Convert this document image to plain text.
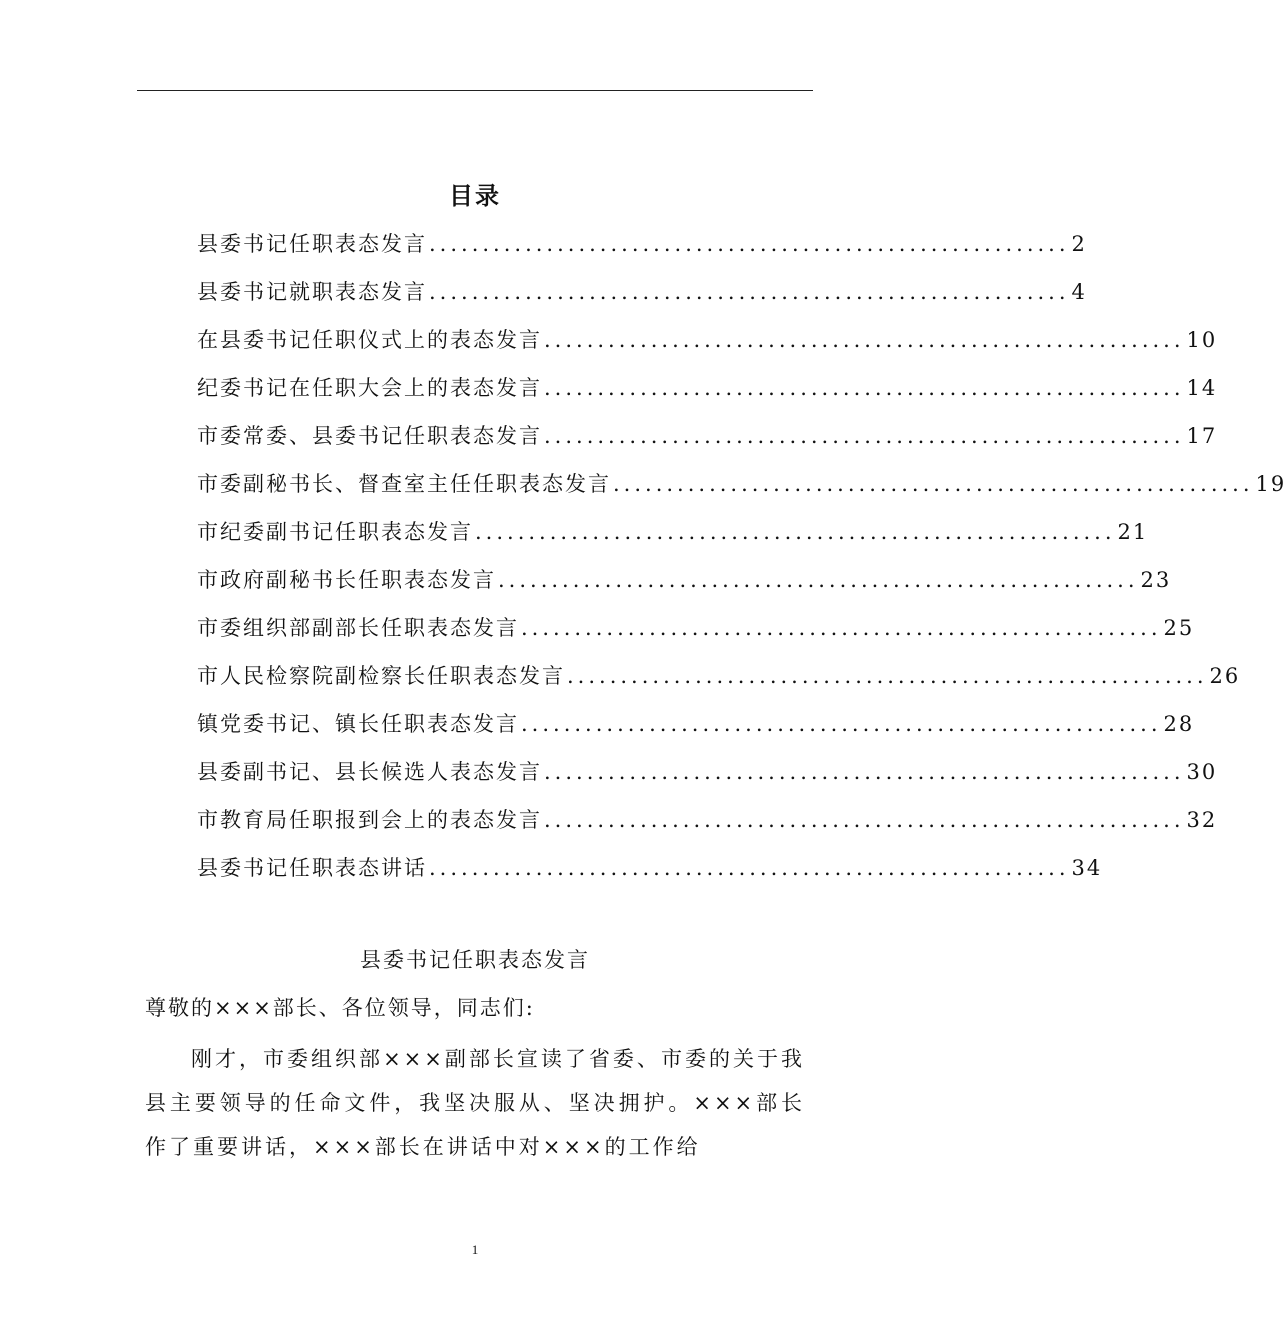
目录
县委书记任职表态发言 ............................................................ 2
县委书记就职表态发言 ............................................................ 4
在县委书记任职仪式上的表态发言 ............................................................ 10
纪委书记在任职大会上的表态发言 ............................................................ 14
市委常委、县委书记任职表态发言 ............................................................ 17
市委副秘书长、督查室主任任职表态发言 ............................................................ 19
市纪委副书记任职表态发言 ............................................................ 21
市政府副秘书长任职表态发言 ............................................................ 23
市委组织部副部长任职表态发言 ............................................................ 25
市人民检察院副检察长任职表态发言 ............................................................ 26
镇党委书记、镇长任职表态发言 ............................................................ 28
县委副书记、县长候选人表态发言 ............................................................ 30
市教育局任职报到会上的表态发言 ............................................................ 32
县委书记任职表态讲话 ............................................................ 34
县委书记任职表态发言
尊敬的×××部长、各位领导，同志们:

刚才，市委组织部×××副部长宣读了省委、市委的关于我县主要领导的任命文件，我坚决服从、坚决拥护。×××部长作了重要讲话，×××部长在讲话中对×××的工作给

1
